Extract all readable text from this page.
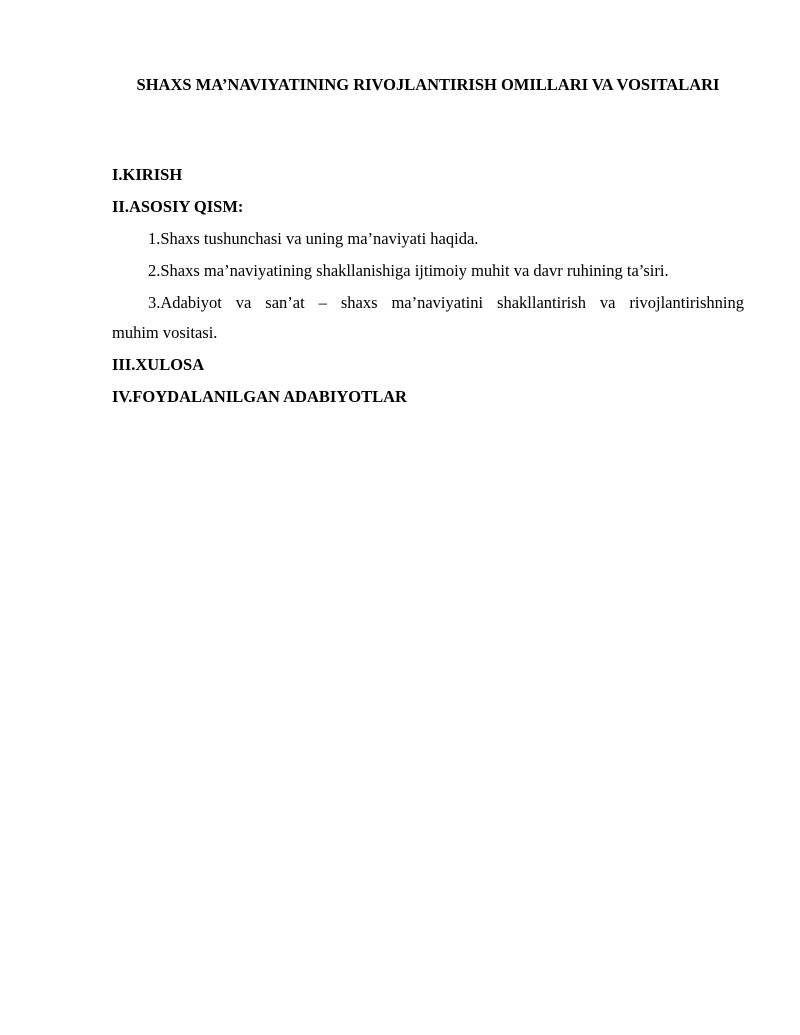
SHAXS MA’NAVIYATINING RIVOJLANTIRISH OMILLARI VA VOSITALARI

I.KIRISH

II.ASOSIY QISM:

1.Shaxs tushunchasi va uning ma’naviyati haqida.

2.Shaxs ma’naviyatining shakllanishiga ijtimoiy muhit va davr ruhining ta’siri.

3.Adabiyot va san’at – shaxs ma’naviyatini shakllantirish va rivojlantirishning

muhim vositasi.

III.XULOSA

IV.FOYDALANILGAN ADABIYOTLAR
